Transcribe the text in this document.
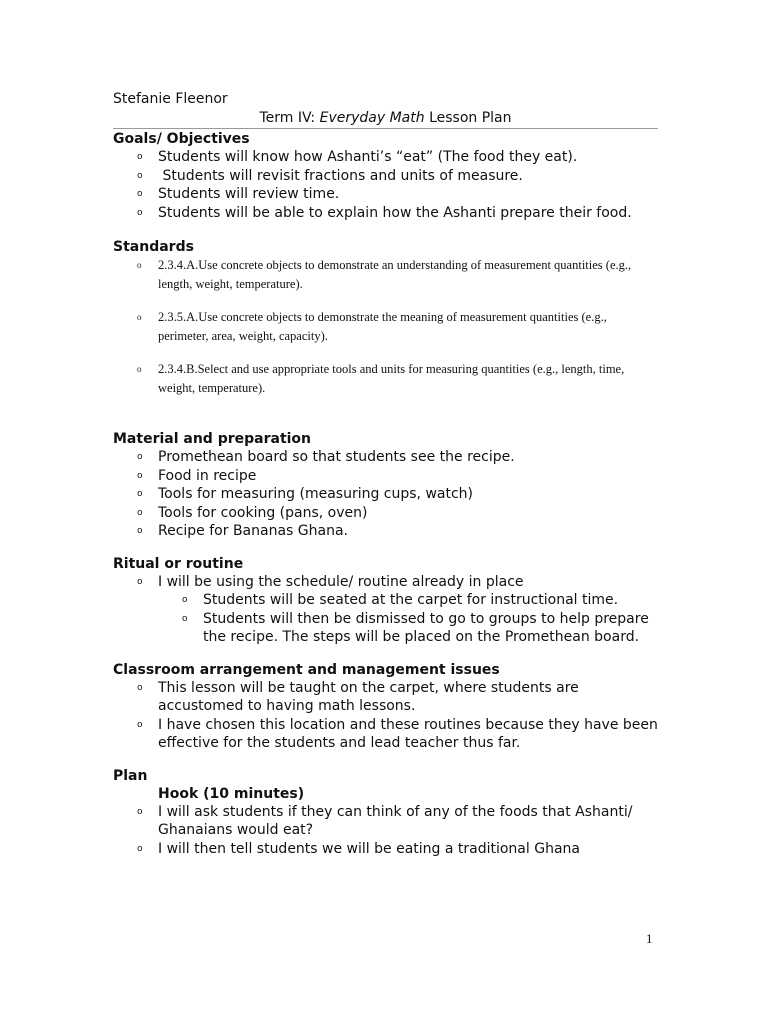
Stefanie Fleenor

Term IV: Everyday Math Lesson Plan

Goals/ Objectives

o Students will know how Ashanti’s “eat” (The food they eat).
o Students will revisit fractions and units of measure.
o Students will review time.
o Students will be able to explain how the Ashanti prepare their food.

Standards

o 2.3.4.A.Use concrete objects to demonstrate an understanding of measurement quantities (e.g., length, weight, temperature).
o 2.3.5.A.Use concrete objects to demonstrate the meaning of measurement quantities (e.g., perimeter, area, weight, capacity).
o 2.3.4.B.Select and use appropriate tools and units for measuring quantities (e.g., length, time, weight, temperature).

Material and preparation

o Promethean board so that students see the recipe.
o Food in recipe
o Tools for measuring (measuring cups, watch)
o Tools for cooking (pans, oven)
o Recipe for Bananas Ghana.

Ritual or routine

o I will be using the schedule/ routine already in place
o Students will be seated at the carpet for instructional time.
o Students will then be dismissed to go to groups to help prepare the recipe. The steps will be placed on the Promethean board.

Classroom arrangement and management issues

o This lesson will be taught on the carpet, where students are accustomed to having math lessons.
o I have chosen this location and these routines because they have been effective for the students and lead teacher thus far.

Plan

Hook (10 minutes)

o I will ask students if they can think of any of the foods that Ashanti/ Ghanaians would eat?
o I will then tell students we will be eating a traditional Ghana
1
